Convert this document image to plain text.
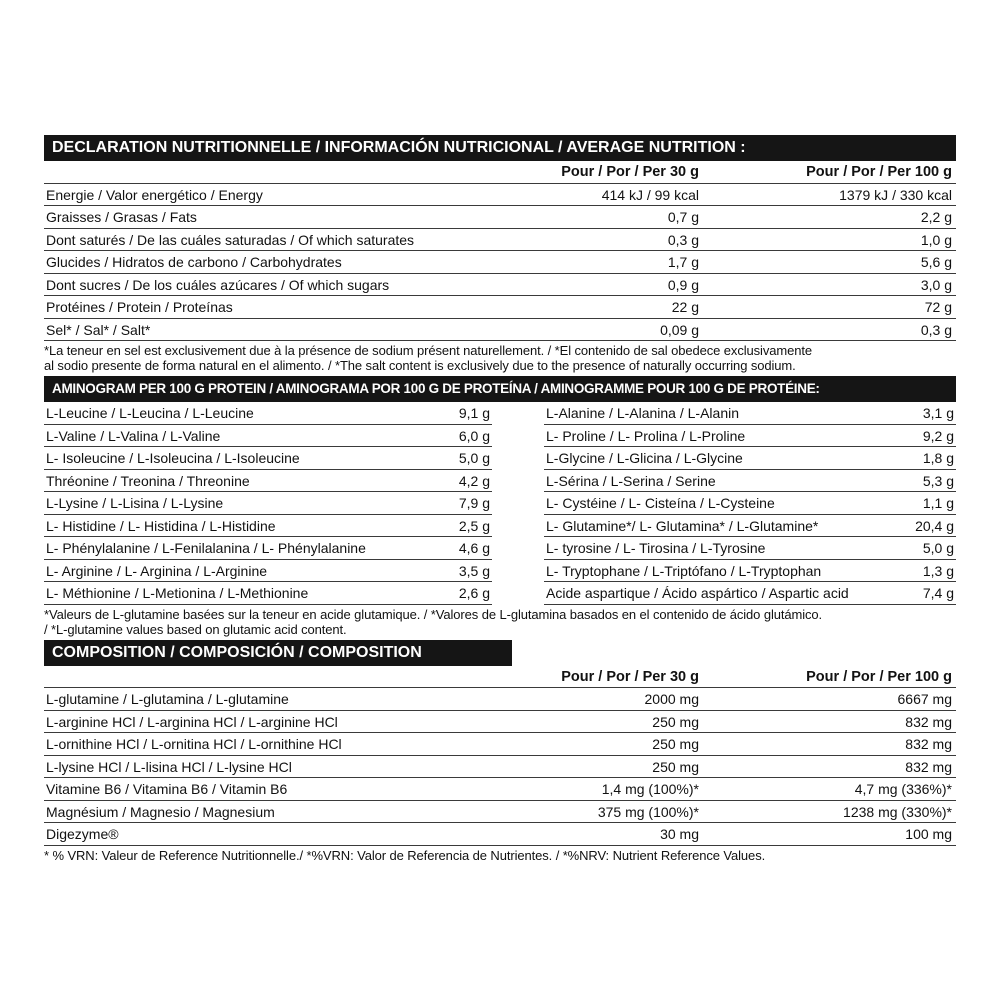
DECLARATION NUTRITIONNELLE / INFORMACIÓN NUTRICIONAL / AVERAGE NUTRITION :
Pour / Por / Per 30 g	Pour / Por / Per 100 g
Energie / Valor energético / Energy	414 kJ / 99 kcal	1379 kJ / 330 kcal
Graisses / Grasas / Fats	0,7 g	2,2 g
Dont saturés / De las cuáles saturadas / Of which saturates	0,3 g	1,0 g
Glucides / Hidratos de carbono / Carbohydrates	1,7 g	5,6 g
Dont sucres / De los cuáles azúcares / Of which sugars	0,9 g	3,0 g
Protéines / Protein / Proteínas	22 g	72 g
Sel* / Sal* / Salt*	0,09 g	0,3 g
*La teneur en sel est exclusivement due à la présence de sodium présent naturellement. / *El contenido de sal obedece exclusivamente
al sodio presente de forma natural en el alimento. / *The salt content is exclusively due to the presence of naturally occurring sodium.
AMINOGRAM PER 100 G PROTEIN / AMINOGRAMA POR 100 G DE PROTEÍNA / AMINOGRAMME POUR 100 G DE PROTÉINE:
L-Leucine / L-Leucina / L-Leucine	9,1 g
L-Valine / L-Valina / L-Valine	6,0 g
L- Isoleucine / L-Isoleucina / L-Isoleucine	5,0 g
Thréonine / Treonina / Threonine	4,2 g
L-Lysine / L-Lisina / L-Lysine	7,9 g
L- Histidine / L- Histidina / L-Histidine	2,5 g
L- Phénylalanine / L-Fenilalanina / L- Phénylalanine	4,6 g
L- Arginine / L- Arginina / L-Arginine	3,5 g
L- Méthionine / L-Metionina / L-Methionine	2,6 g
L-Alanine / L-Alanina / L-Alanin	3,1 g
L- Proline / L- Prolina / L-Proline	9,2 g
L-Glycine / L-Glicina / L-Glycine	1,8 g
L-Sérina / L-Serina / Serine	5,3 g
L- Cystéine / L- Cisteína / L-Cysteine	1,1 g
L- Glutamine*/ L- Glutamina* / L-Glutamine*	20,4 g
L- tyrosine / L- Tirosina / L-Tyrosine	5,0 g
L- Tryptophane / L-Triptófano / L-Tryptophan	1,3 g
Acide aspartique / Ácido aspártico / Aspartic acid	7,4 g
*Valeurs de L-glutamine basées sur la teneur en acide glutamique. / *Valores de L-glutamina basados en el contenido de ácido glutámico.
/ *L-glutamine values based on glutamic acid content.
COMPOSITION / COMPOSICIÓN / COMPOSITION
Pour / Por / Per 30 g	Pour / Por / Per 100 g
L-glutamine / L-glutamina / L-glutamine	2000 mg	6667 mg
L-arginine HCl / L-arginina HCl / L-arginine HCl	250 mg	832 mg
L-ornithine HCl / L-ornitina HCl / L-ornithine HCl	250 mg	832 mg
L-lysine HCl / L-lisina HCl / L-lysine HCl	250 mg	832 mg
Vitamine B6 / Vitamina B6 / Vitamin B6	1,4 mg (100%)*	4,7 mg (336%)*
Magnésium / Magnesio / Magnesium	375 mg (100%)*	1238 mg (330%)*
Digezyme®	30 mg	100 mg
* % VRN: Valeur de Reference Nutritionnelle./ *%VRN: Valor de Referencia de Nutrientes. / *%NRV: Nutrient Reference Values.
